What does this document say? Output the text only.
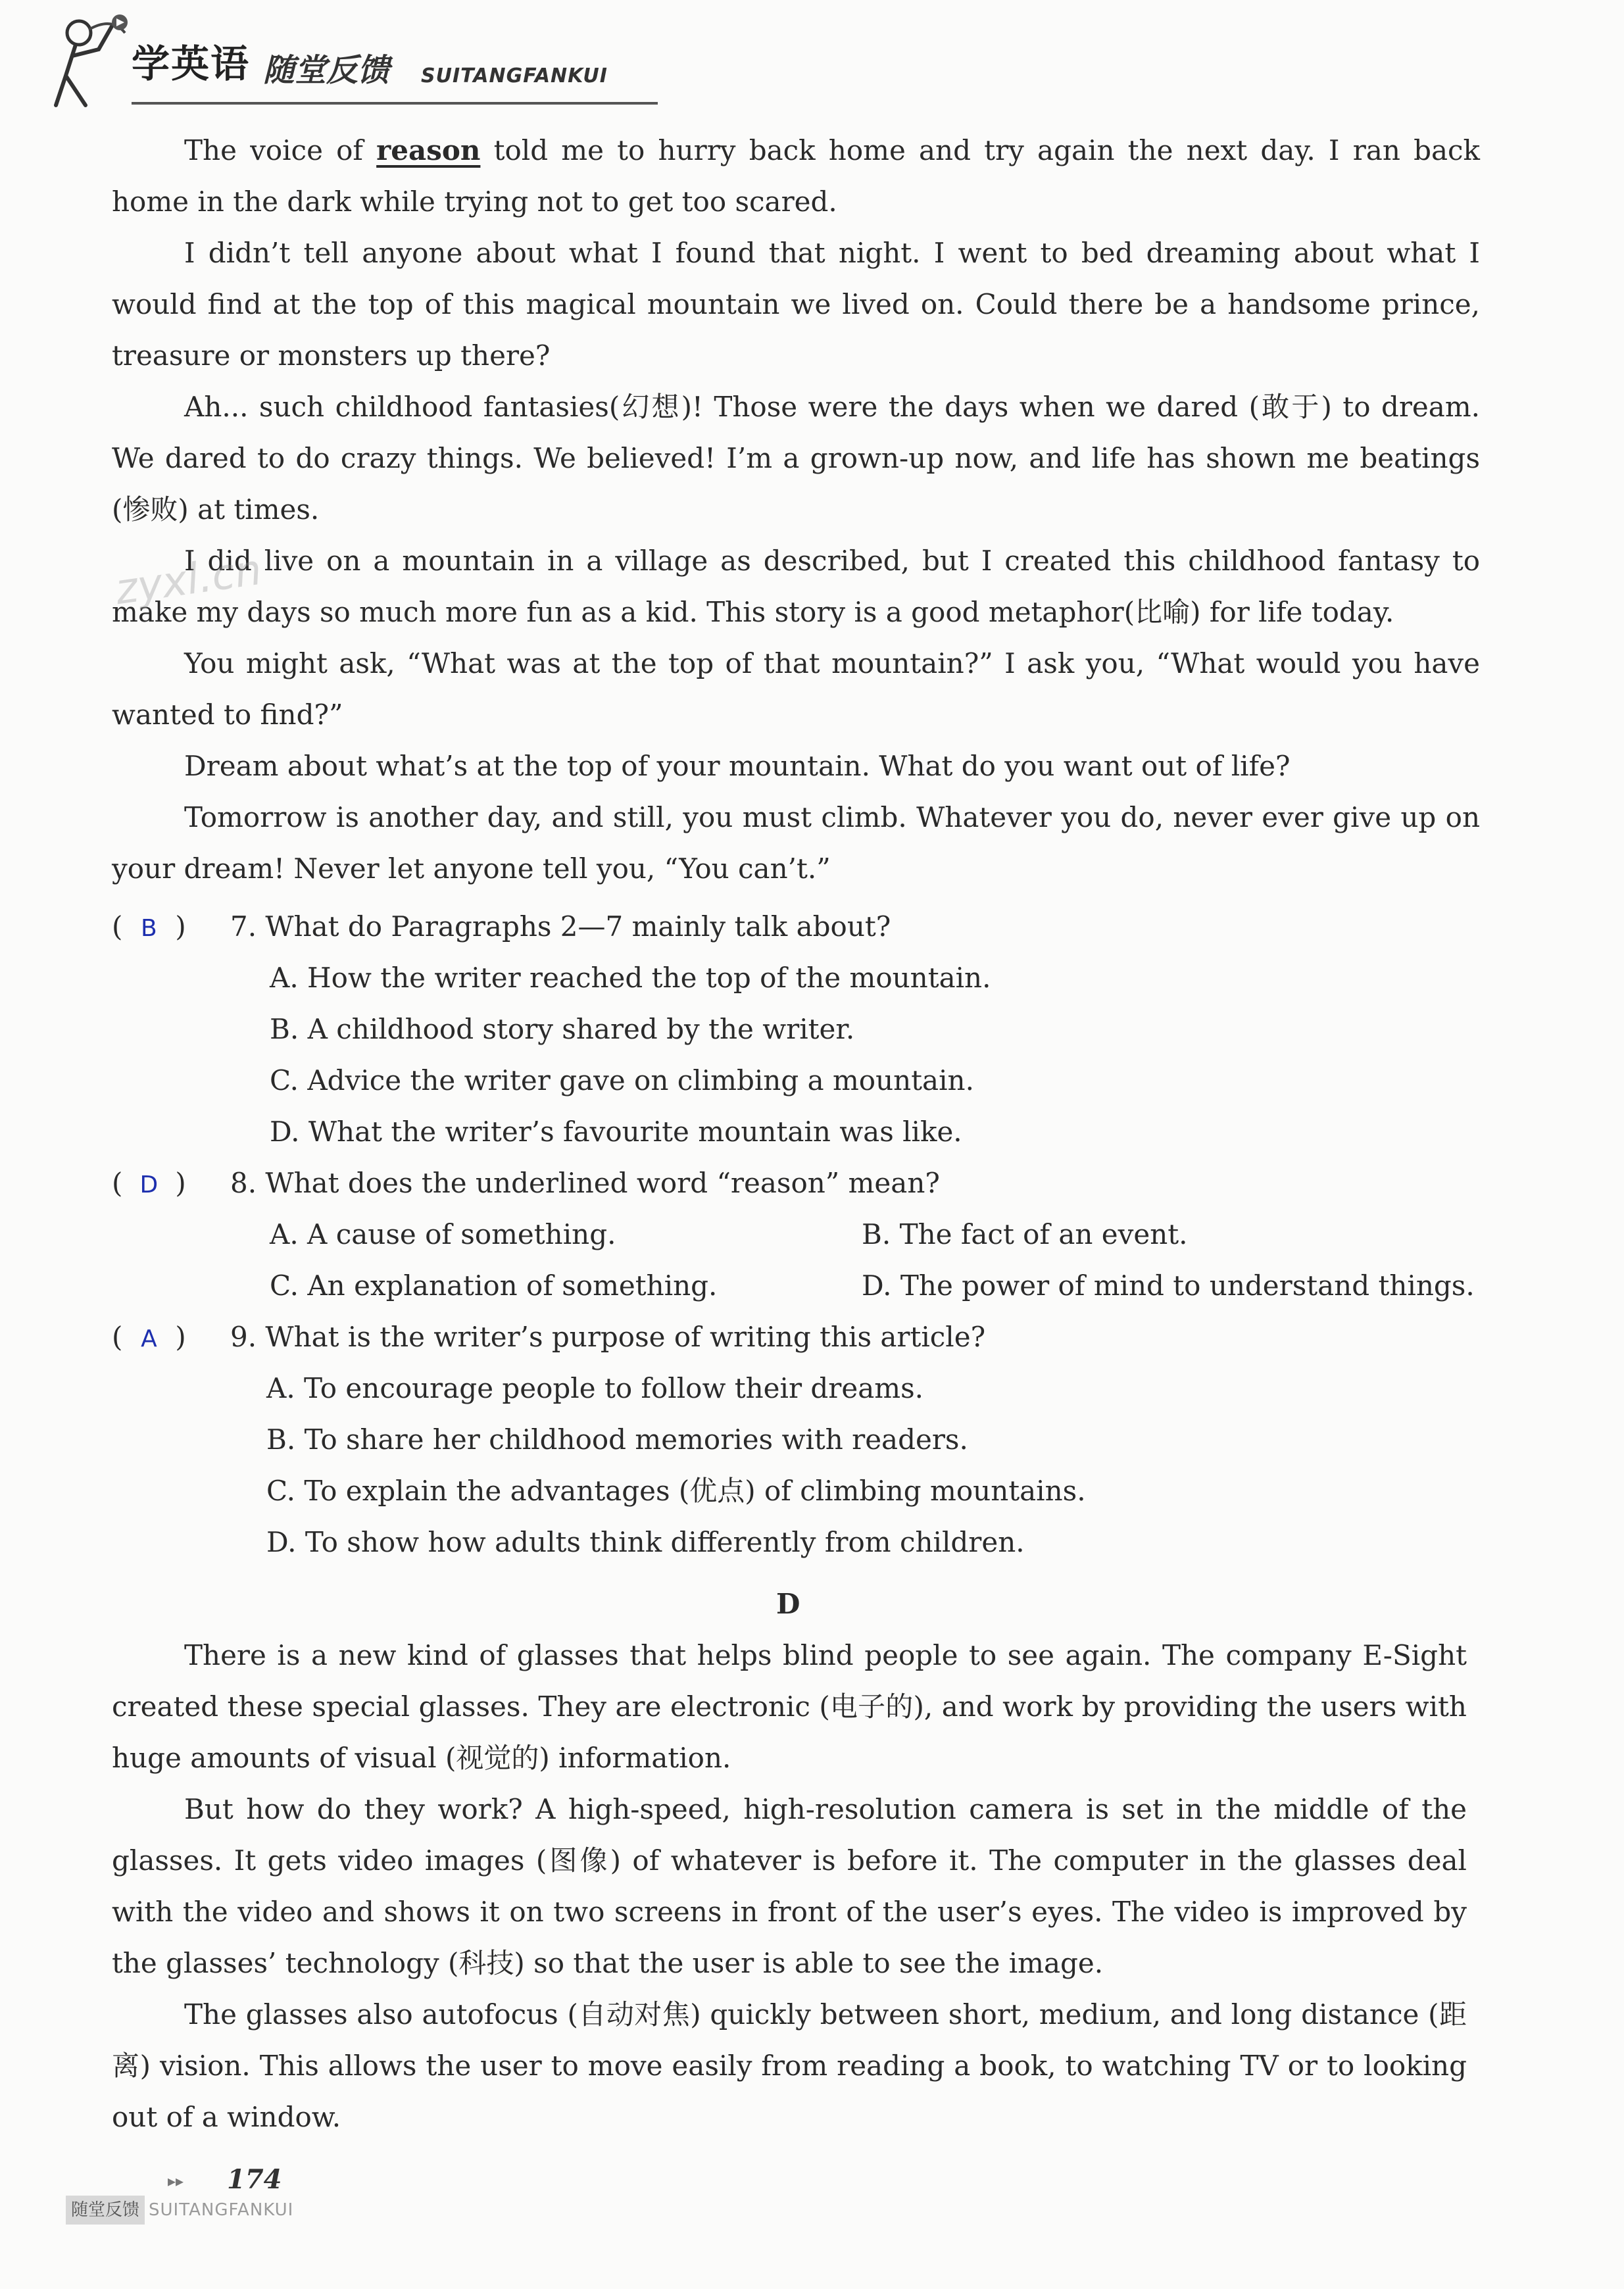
学英语 随堂反馈 SUITANGFANKUI

The voice of reason told me to hurry back home and try again the next day. I ran back home in the dark while trying not to get too scared.

I didn’t tell anyone about what I found that night. I went to bed dreaming about what I would find at the top of this magical mountain we lived on. Could there be a handsome prince, treasure or monsters up there?

Ah... such childhood fantasies(幻想)! Those were the days when we dared (敢于) to dream. We dared to do crazy things. We believed! I’m a grown-up now, and life has shown me beatings (惨败) at times.

I did live on a mountain in a village as described, but I created this childhood fantasy to make my days so much more fun as a kid. This story is a good metaphor(比喻) for life today.

You might ask, “What was at the top of that mountain?” I ask you, “What would you have wanted to find?”

Dream about what’s at the top of your mountain. What do you want out of life?

Tomorrow is another day, and still, you must climb. Whatever you do, never ever give up on your dream! Never let anyone tell you, “You can’t.”

( B ) 7. What do Paragraphs 2—7 mainly talk about?
A. How the writer reached the top of the mountain.
B. A childhood story shared by the writer.
C. Advice the writer gave on climbing a mountain.
D. What the writer’s favourite mountain was like.
( D ) 8. What does the underlined word “reason” mean?
A. A cause of something.	B. The fact of an event.
C. An explanation of something.	D. The power of mind to understand things.
( A ) 9. What is the writer’s purpose of writing this article?
A. To encourage people to follow their dreams.
B. To share her childhood memories with readers.
C. To explain the advantages (优点) of climbing mountains.
D. To show how adults think differently from children.
D

There is a new kind of glasses that helps blind people to see again. The company E-Sight created these special glasses. They are electronic (电子的), and work by providing the users with huge amounts of visual (视觉的) information.

But how do they work? A high-speed, high-resolution camera is set in the middle of the glasses. It gets video images (图像) of whatever is before it. The computer in the glasses deal with the video and shows it on two screens in front of the user’s eyes. The video is improved by the glasses’ technology (科技) so that the user is able to see the image.

The glasses also autofocus (自动对焦) quickly between short, medium, and long distance (距离) vision. This allows the user to move easily from reading a book, to watching TV or to looking out of a window.

zyxl.cn
▸▸ 174
随堂反馈 SUITANGFANKUI
